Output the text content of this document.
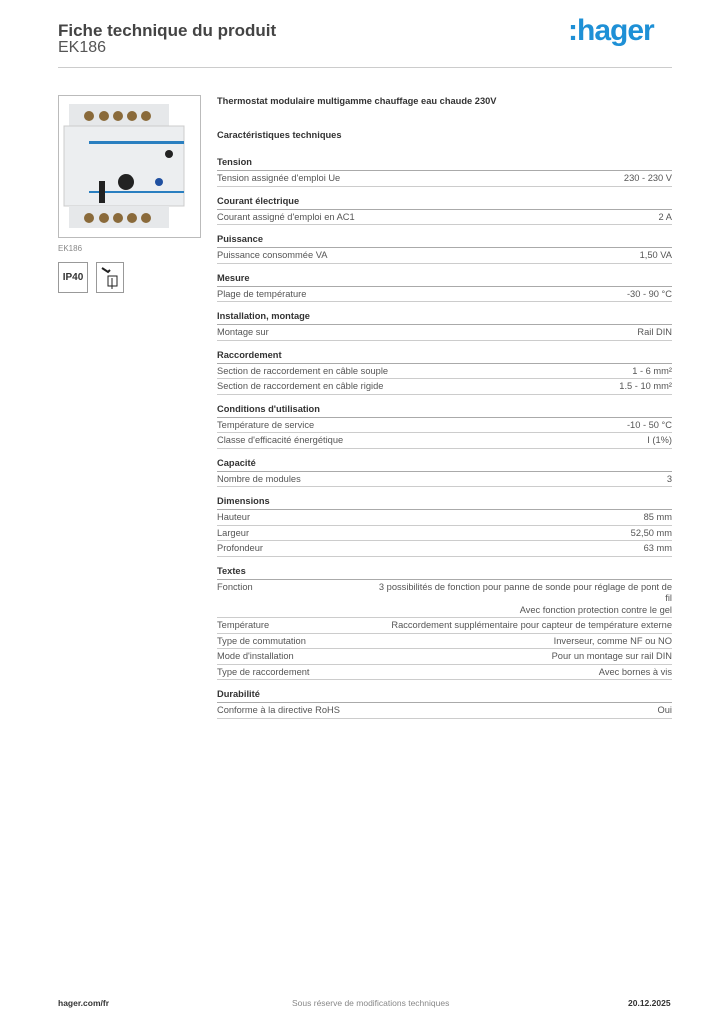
Fiche technique du produit
EK186
:hager
EK186
IP40
Thermostat modulaire multigamme chauffage eau chaude 230V
Caractéristiques techniques
Tension
Tension assignée d'emploi Ue	230 - 230 V
Courant électrique
Courant assigné d'emploi en AC1	2 A
Puissance
Puissance consommée VA	1,50 VA
Mesure
Plage de température	-30 - 90 °C
Installation, montage
Montage sur	Rail DIN
Raccordement
Section de raccordement en câble souple	1 - 6 mm²
Section de raccordement en câble rigide	1.5 - 10 mm²
Conditions d'utilisation
Température de service	-10 - 50 °C
Classe d'efficacité énergétique	I (1%)
Capacité
Nombre de modules	3
Dimensions
Hauteur	85 mm
Largeur	52,50 mm
Profondeur	63 mm
Textes
Fonction	3 possibilités de fonction pour panne de sonde pour réglage de pont de fil
Avec fonction protection contre le gel
Température	Raccordement supplémentaire pour capteur de température externe
Type de commutation	Inverseur, comme NF ou NO
Mode d'installation	Pour un montage sur rail DIN
Type de raccordement	Avec bornes à vis
Durabilité
Conforme à la directive RoHS	Oui
hager.com/fr	Sous réserve de modifications techniques	20.12.2025
